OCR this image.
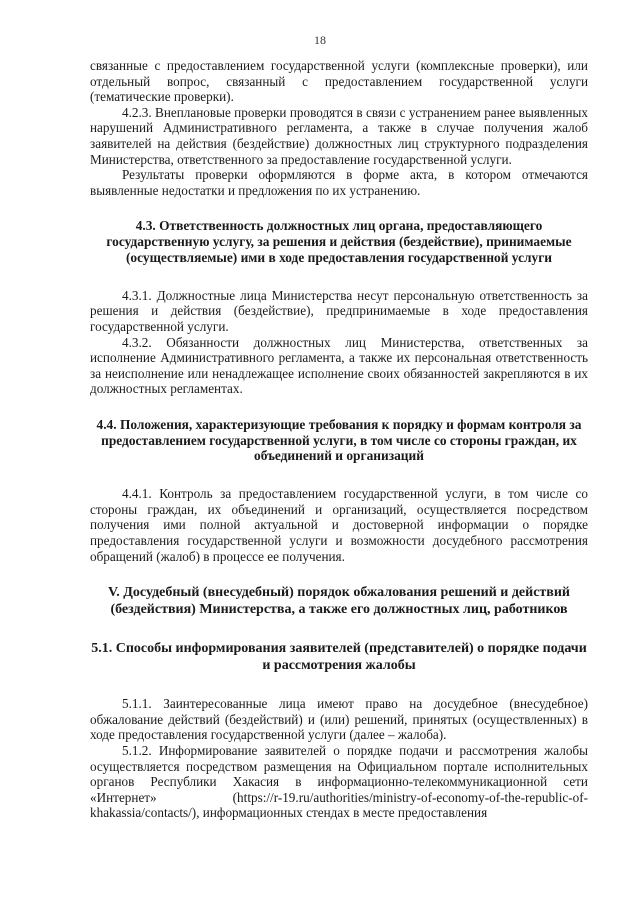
18

связанные с предоставлением государственной услуги (комплексные проверки), или отдельный вопрос, связанный с предоставлением государственной услуги (тематические проверки).

4.2.3. Внеплановые проверки проводятся в связи с устранением ранее выявленных нарушений Административного регламента, а также в случае получения жалоб заявителей на действия (бездействие) должностных лиц структурного подразделения Министерства, ответственного за предоставление государственной услуги.

Результаты проверки оформляются в форме акта, в котором отмечаются выявленные недостатки и предложения по их устранению.

4.3. Ответственность должностных лиц органа, предоставляющего государственную услугу, за решения и действия (бездействие), принимаемые (осуществляемые) ими в ходе предоставления государственной услуги

4.3.1. Должностные лица Министерства несут персональную ответственность за решения и действия (бездействие), предпринимаемые в ходе предоставления государственной услуги.

4.3.2. Обязанности должностных лиц Министерства, ответственных за исполнение Административного регламента, а также их персональная ответственность за неисполнение или ненадлежащее исполнение своих обязанностей закрепляются в их должностных регламентах.

4.4. Положения, характеризующие требования к порядку и формам контроля за предоставлением государственной услуги, в том числе со стороны граждан, их объединений и организаций

4.4.1. Контроль за предоставлением государственной услуги, в том числе со стороны граждан, их объединений и организаций, осуществляется посредством получения ими полной актуальной и достоверной информации о порядке предоставления государственной услуги и возможности досудебного рассмотрения обращений (жалоб) в процессе ее получения.

V. Досудебный (внесудебный) порядок обжалования решений и действий (бездействия) Министерства, а также его должностных лиц, работников
5.1. Способы информирования заявителей (представителей) о порядке подачи и рассмотрения жалобы

5.1.1. Заинтересованные лица имеют право на досудебное (внесудебное) обжалование действий (бездействий) и (или) решений, принятых (осуществленных) в ходе предоставления государственной услуги (далее – жалоба).

5.1.2. Информирование заявителей о порядке подачи и рассмотрения жалобы осуществляется посредством размещения на Официальном портале исполнительных органов Республики Хакасия в информационно-телекоммуникационной сети «Интернет» (https://r-19.ru/authorities/ministry-of-economy-of-the-republic-of-khakassia/contacts/), информационных стендах в месте предоставления
